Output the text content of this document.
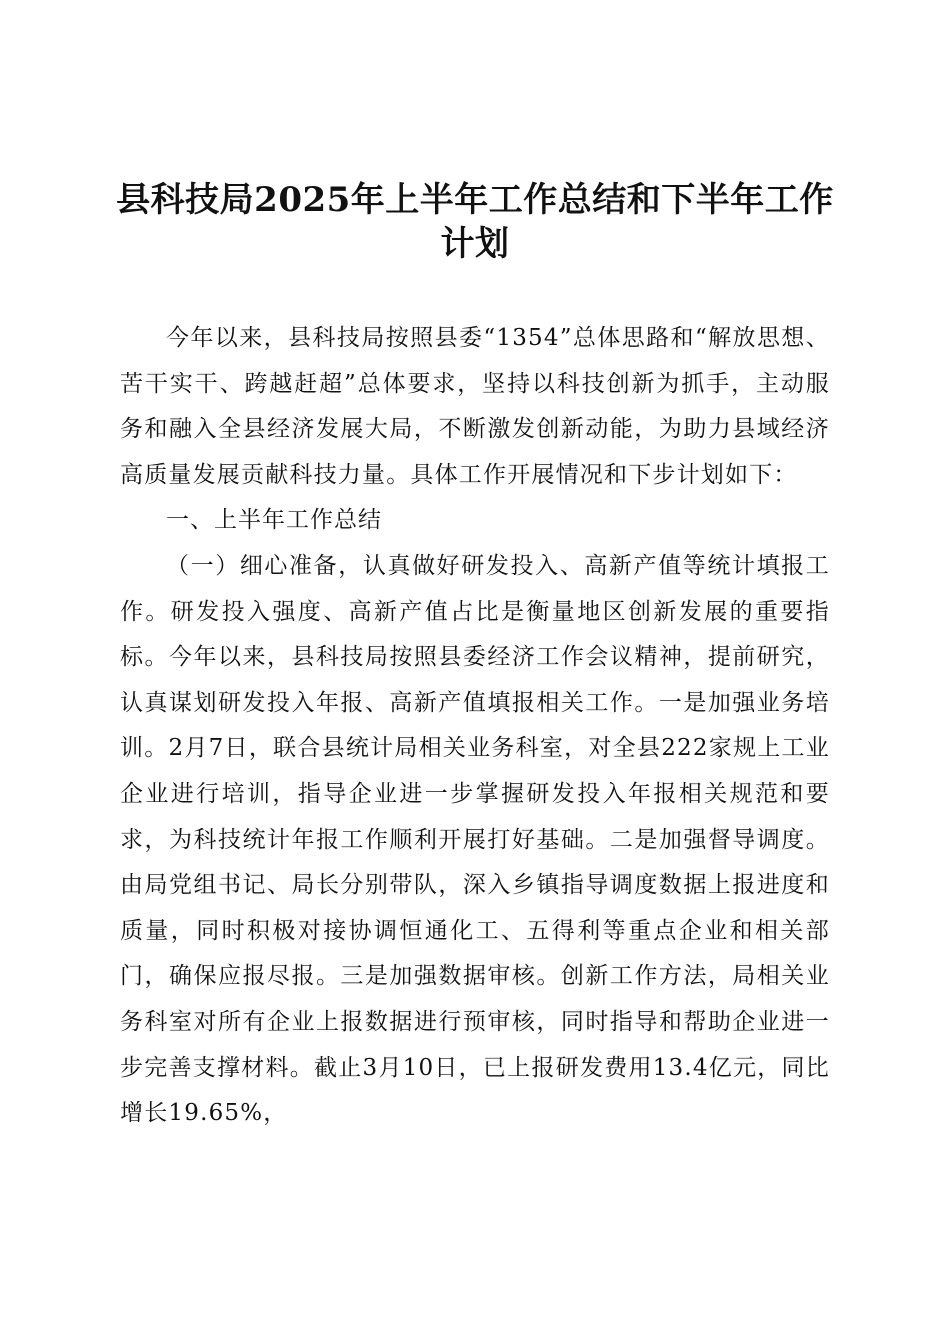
县科技局2025年上半年工作总结和下半年工作计划

今年以来，县科技局按照县委“1354”总体思路和“解放思想、苦干实干、跨越赶超”总体要求，坚持以科技创新为抓手，主动服务和融入全县经济发展大局，不断激发创新动能，为助力县域经济高质量发展贡献科技力量。具体工作开展情况和下步计划如下：

一、上半年工作总结

（一）细心准备，认真做好研发投入、高新产值等统计填报工作。研发投入强度、高新产值占比是衡量地区创新发展的重要指标。今年以来，县科技局按照县委经济工作会议精神，提前研究，认真谋划研发投入年报、高新产值填报相关工作。一是加强业务培训。2月7日，联合县统计局相关业务科室，对全县222家规上工业企业进行培训，指导企业进一步掌握研发投入年报相关规范和要求，为科技统计年报工作顺利开展打好基础。二是加强督导调度。由局党组书记、局长分别带队，深入乡镇指导调度数据上报进度和质量，同时积极对接协调恒通化工、五得利等重点企业和相关部门，确保应报尽报。三是加强数据审核。创新工作方法，局相关业务科室对所有企业上报数据进行预审核，同时指导和帮助企业进一步完善支撑材料。截止3月10日，已上报研发费用13.4亿元，同比增长19.65%，
